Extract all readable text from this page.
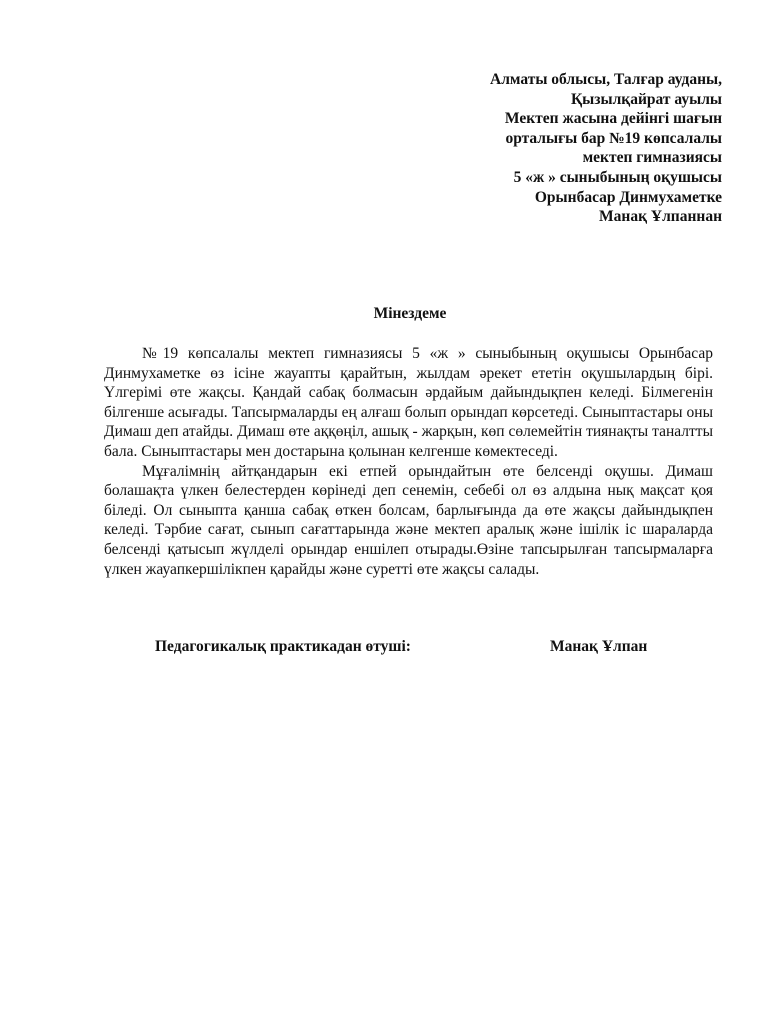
Алматы облысы, Талғар ауданы,
Қызылқайрат ауылы
Мектеп жасына дейінгі шағын
орталығы бар №19 көпсалалы
мектеп гимназиясы
5 «ж » сыныбының оқушысы
Орынбасар Динмухаметке
Манақ Ұлпаннан
Мінездеме

№19 көпсалалы мектеп гимназиясы 5 «ж » сыныбының оқушысы Орынбасар Динмухаметке өз ісіне жауапты қарайтын, жылдам әрекет ететін оқушылардың бірі. Үлгерімі өте жақсы. Қандай сабақ болмасын әрдайым дайындықпен келеді. Білмегенін білгенше асығады. Тапсырмаларды ең алғаш болып орындап көрсетеді. Сыныптастары оны Димаш деп атайды. Димаш өте аққөңіл, ашық - жарқын, көп сөлемейтін тиянақты таналтты бала. Сыныптастары мен достарына қолынан келгенше көмектеседі.

Мұғалімнің айтқандарын екі етпей орындайтын өте белсенді оқушы. Димаш болашақта үлкен белестерден көрінеді деп сенемін, себебі ол өз алдына нық мақсат қоя біледі. Ол сыныпта қанша сабақ өткен болсам, барлығында да өте жақсы дайындықпен келеді. Тәрбие сағат, сынып сағаттарында және мектеп аралық және ішілік іс шараларда белсенді қатысып жүлделі орындар еншілеп отырады.Өзіне тапсырылған тапсырмаларға үлкен жауапкершілікпен қарайды және суретті өте жақсы салады.

Педагогикалық практикадан өтуші:	Манақ Ұлпан
